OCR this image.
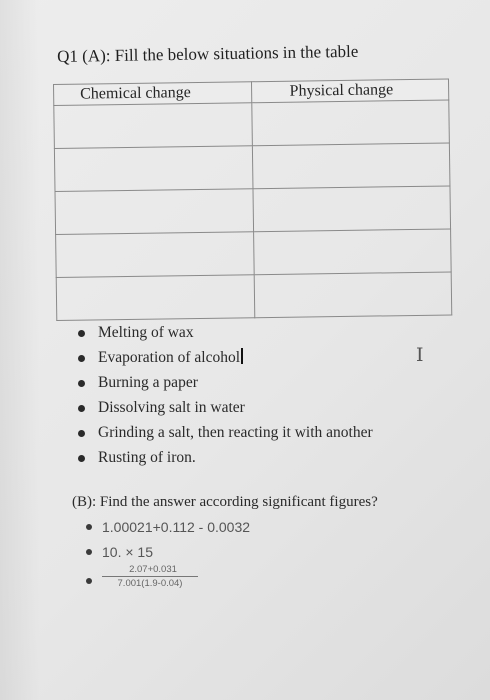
Q1 (A): Fill the below situations in the table
Chemical change	Physical change

Melting of wax
Evaporation of alcohol
Burning a paper
Dissolving salt in water
Grinding a salt, then reacting it with another
Rusting of iron.
I
(B): Find the answer according significant figures?
1.00021+0.112 - 0.0032
10. × 15
2.07+0.031
7.001(1.9-0.04)
